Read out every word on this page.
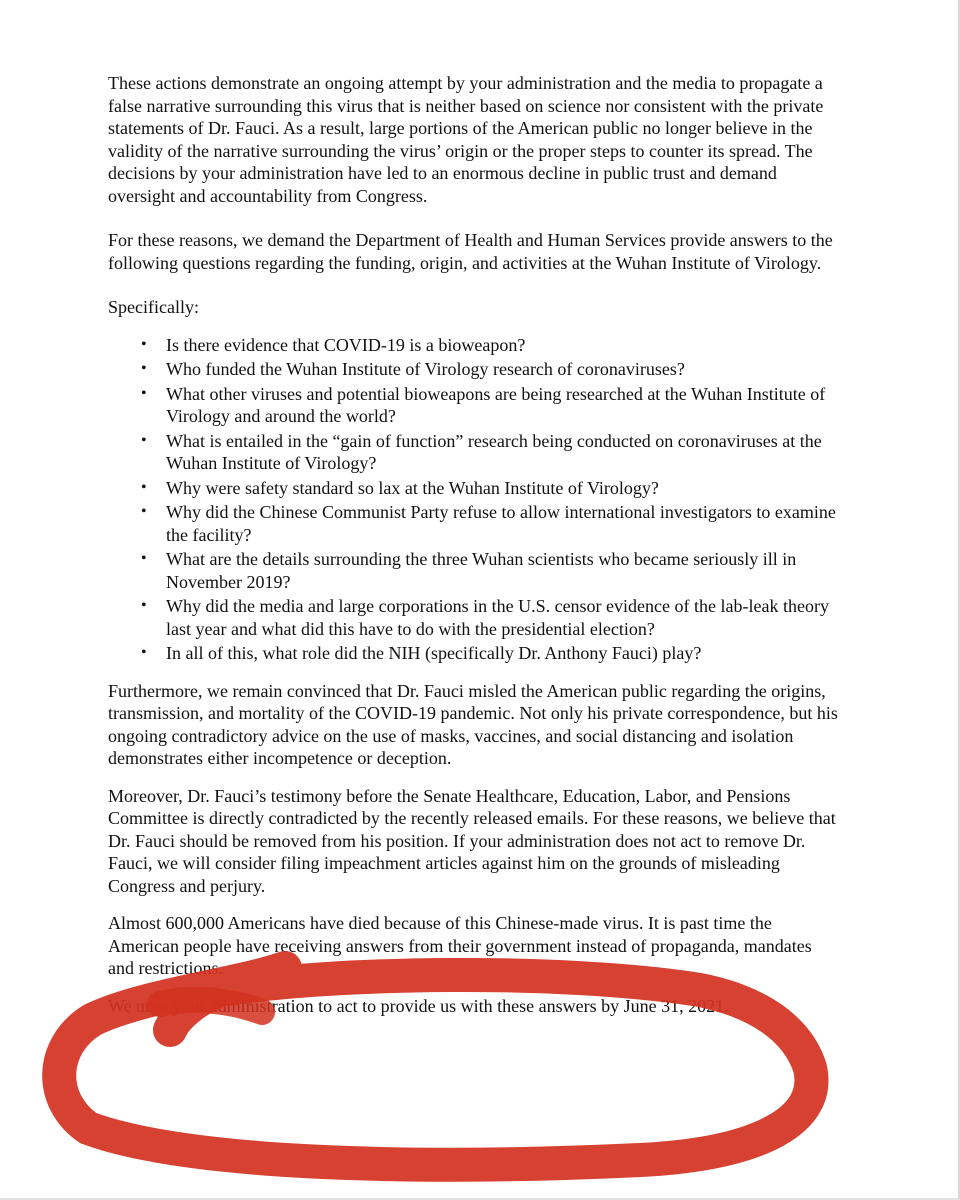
These actions demonstrate an ongoing attempt by your administration and the media to propagate a false narrative surrounding this virus that is neither based on science nor consistent with the private statements of Dr. Fauci. As a result, large portions of the American public no longer believe in the validity of the narrative surrounding the virus’ origin or the proper steps to counter its spread. The decisions by your administration have led to an enormous decline in public trust and demand oversight and accountability from Congress.

For these reasons, we demand the Department of Health and Human Services provide answers to the following questions regarding the funding, origin, and activities at the Wuhan Institute of Virology.

Specifically:

• Is there evidence that COVID-19 is a bioweapon?
• Who funded the Wuhan Institute of Virology research of coronaviruses?
• What other viruses and potential bioweapons are being researched at the Wuhan Institute of Virology and around the world?
• What is entailed in the “gain of function” research being conducted on coronaviruses at the Wuhan Institute of Virology?
• Why were safety standard so lax at the Wuhan Institute of Virology?
• Why did the Chinese Communist Party refuse to allow international investigators to examine the facility?
• What are the details surrounding the three Wuhan scientists who became seriously ill in November 2019?
• Why did the media and large corporations in the U.S. censor evidence of the lab-leak theory last year and what did this have to do with the presidential election?
• In all of this, what role did the NIH (specifically Dr. Anthony Fauci) play?

Furthermore, we remain convinced that Dr. Fauci misled the American public regarding the origins, transmission, and mortality of the COVID-19 pandemic. Not only his private correspondence, but his ongoing contradictory advice on the use of masks, vaccines, and social distancing and isolation demonstrates either incompetence or deception.

Moreover, Dr. Fauci’s testimony before the Senate Healthcare, Education, Labor, and Pensions Committee is directly contradicted by the recently released emails. For these reasons, we believe that Dr. Fauci should be removed from his position. If your administration does not act to remove Dr. Fauci, we will consider filing impeachment articles against him on the grounds of misleading Congress and perjury.

Almost 600,000 Americans have died because of this Chinese-made virus. It is past time the American people have receiving answers from their government instead of propaganda, mandates and restrictions.

We urge your administration to act to provide us with these answers by June 31, 2021.
